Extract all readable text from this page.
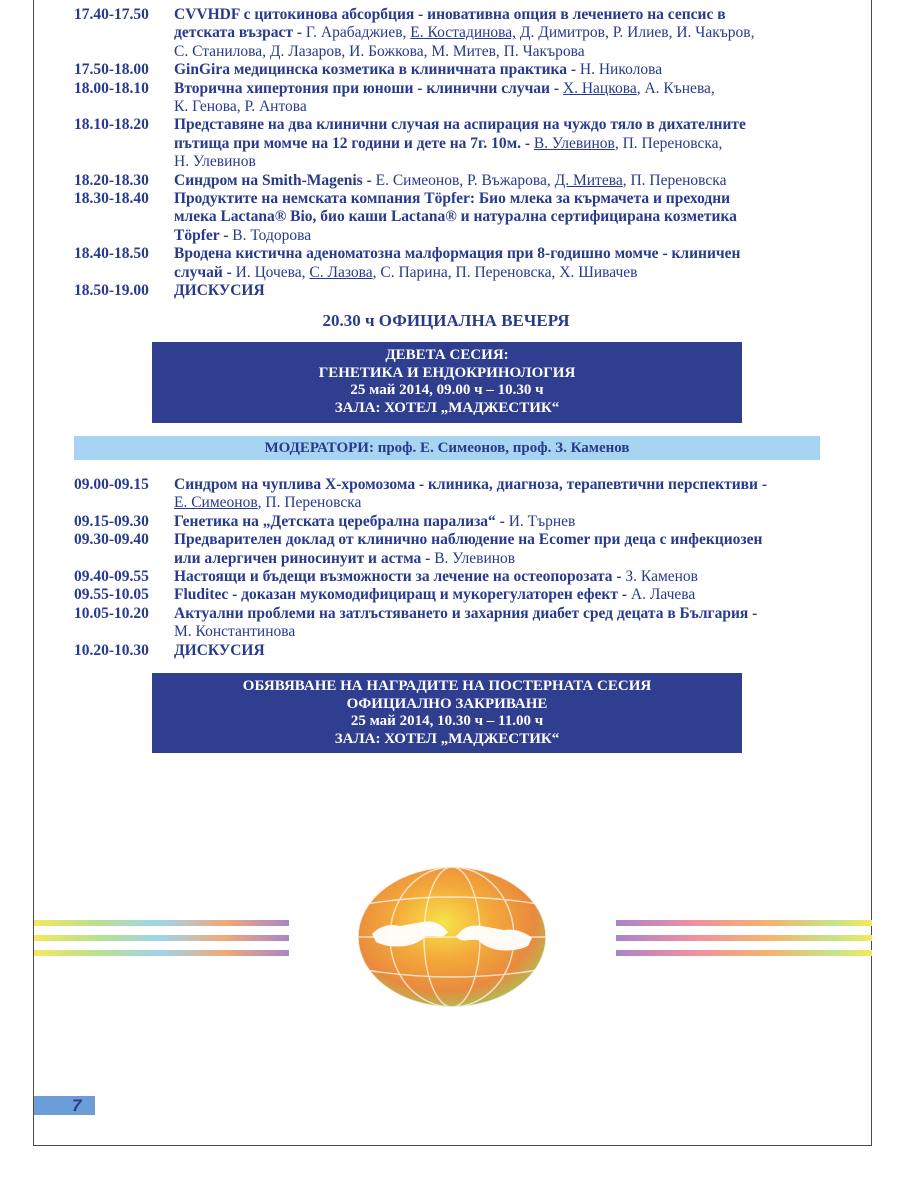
17.40-17.50	CVVHDF с цитокинова абсорбция - иновативна опция в лечението на сепсис в
детската възраст - Г. Арабаджиев, Е. Костадинова, Д. Димитров, Р. Илиев, И. Чакъров,
С. Станилова, Д. Лазаров, И. Божкова, М. Митев, П. Чакърова
17.50-18.00	GinGira медицинска козметика в клиничната практика - Н. Николова
18.00-18.10	Вторична хипертония при юноши - клинични случаи - Х. Нацкова, А. Кънева,
К. Генова, Р. Антова
18.10-18.20	Представяне на два клинични случая на аспирация на чуждо тяло в дихателните
пътища при момче на 12 години и дете на 7г. 10м. - В. Улевинов, П. Переновска,
Н. Улевинов
18.20-18.30	Синдром на Smith-Magenis - Е. Симеонов, Р. Въжарова, Д. Митева, П. Переновска
18.30-18.40	Продуктите на немската компания Töpfer: Био млека за кърмачета и преходни
млека Lactana® Bio, био каши Lactana® и натурална сертифицирана козметика
Töpfer - В. Тодорова
18.40-18.50	Вродена кистична аденоматозна малформация при 8-годишно момче - клиничен
случай - И. Цочева, С. Лазова, С. Парина, П. Переновска, Х. Шивачев
18.50-19.00	ДИСКУСИЯ
20.30 ч ОФИЦИАЛНА ВЕЧЕРЯ
ДЕВЕТА СЕСИЯ:
ГЕНЕТИКА И ЕНДОКРИНОЛОГИЯ
25 май 2014, 09.00 ч – 10.30 ч
ЗАЛА: ХОТЕЛ „МАДЖЕСТИК“
МОДЕРАТОРИ: проф. Е. Симеонов, проф. З. Каменов
09.00-09.15	Синдром на чуплива Х-хромозома - клиника, диагноза, терапевтични перспективи -
Е. Симеонов, П. Переновска
09.15-09.30	Генетика на „Детската церебрална парализа“ - И. Търнев
09.30-09.40	Предварителен доклад от клинично наблюдение на Ecomer при деца с инфекциозен
или алергичен риносинуит и астма - В. Улевинов
09.40-09.55	Настоящи и бъдещи възможности за лечение на остеопорозата - З. Каменов
09.55-10.05	Fluditec - доказан мукомодифициращ и мукорегулаторен ефект - А. Лачева
10.05-10.20	Актуални проблеми на затлъстяването и захарния диабет сред децата в България -
М. Константинова
10.20-10.30	ДИСКУСИЯ
ОБЯВЯВАНЕ НА НАГРАДИТЕ НА ПОСТЕРНАТА СЕСИЯ
ОФИЦИАЛНО ЗАКРИВАНЕ
25 май 2014, 10.30 ч – 11.00 ч
ЗАЛА: ХОТЕЛ „МАДЖЕСТИК“
7
